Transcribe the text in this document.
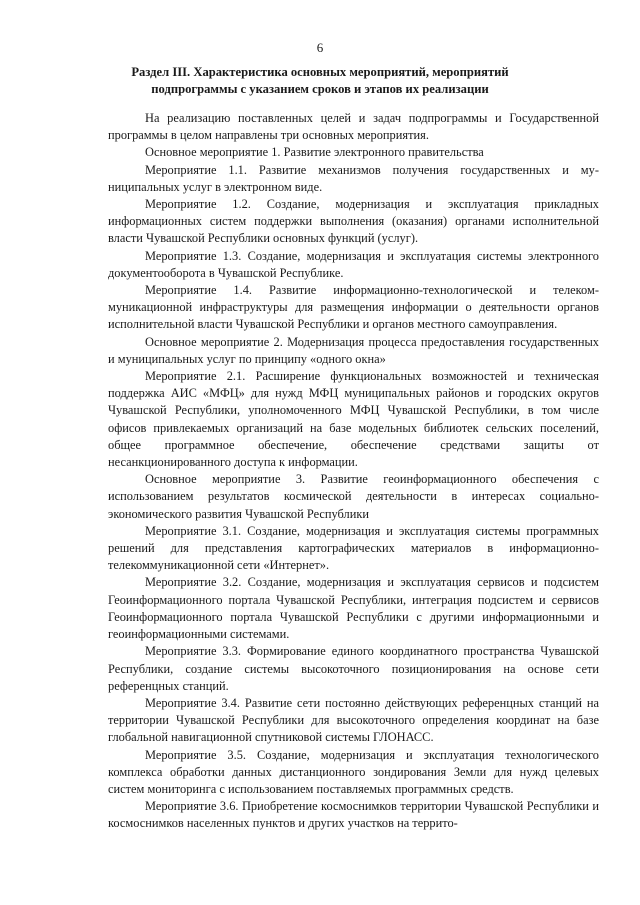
6
Раздел III. Характеристика основных мероприятий, мероприятий
подпрограммы с указанием сроков и этапов их реализации

На реализацию поставленных целей и задач подпрограммы и Государственной программы в целом направлены три основных мероприятия.

Основное мероприятие 1. Развитие электронного правительства

Мероприятие 1.1. Развитие механизмов получения государственных и муниципальных услуг в электронном виде.

Мероприятие 1.2. Создание, модернизация и эксплуатация прикладных информационных систем поддержки выполнения (оказания) органами исполнительной власти Чувашской Республики основных функций (услуг).

Мероприятие 1.3. Создание, модернизация и эксплуатация системы электронного документооборота в Чувашской Республике.

Мероприятие 1.4. Развитие информационно-технологической и телекоммуникационной инфраструктуры для размещения информации о деятельности органов исполнительной власти Чувашской Республики и органов местного самоуправления.

Основное мероприятие 2. Модернизация процесса предоставления государственных и муниципальных услуг по принципу «одного окна»

Мероприятие 2.1. Расширение функциональных возможностей и техническая поддержка АИС «МФЦ» для нужд МФЦ муниципальных районов и городских округов Чувашской Республики, уполномоченного МФЦ Чувашской Республики, в том числе офисов привлекаемых организаций на базе модельных библиотек сельских поселений, общее программное обеспечение, обеспечение средствами защиты от несанкционированного доступа к информации.

Основное мероприятие 3. Развитие геоинформационного обеспечения с использованием результатов космической деятельности в интересах социально-экономического развития Чувашской Республики

Мероприятие 3.1. Создание, модернизация и эксплуатация системы программных решений для представления картографических материалов в информационно-телекоммуникационной сети «Интернет».

Мероприятие 3.2. Создание, модернизация и эксплуатация сервисов и подсистем Геоинформационного портала Чувашской Республики, интеграция подсистем и сервисов Геоинформационного портала Чувашской Республики с другими информационными и геоинформационными системами.

Мероприятие 3.3. Формирование единого координатного пространства Чувашской Республики, создание системы высокоточного позиционирования на основе сети референцных станций.

Мероприятие 3.4. Развитие сети постоянно действующих референцных станций на территории Чувашской Республики для высокоточного определения координат на базе глобальной навигационной спутниковой системы ГЛОНАСС.

Мероприятие 3.5. Создание, модернизация и эксплуатация технологического комплекса обработки данных дистанционного зондирования Земли для нужд целевых систем мониторинга с использованием поставляемых программных средств.

Мероприятие 3.6. Приобретение космоснимков территории Чувашской Республики и космоснимков населенных пунктов и других участков на террито-
